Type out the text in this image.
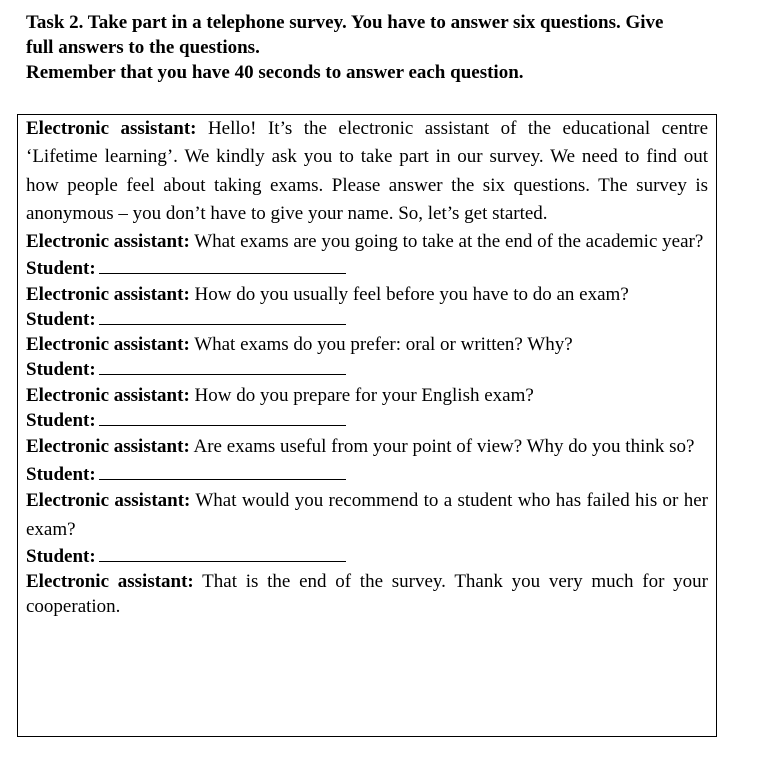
Task 2. Take part in a telephone survey. You have to answer six questions. Give
full answers to the questions.
Remember that you have 40 seconds to answer each question.

Electronic assistant: Hello! It’s the electronic assistant of the educational centre ‘Lifetime learning’. We kindly ask you to take part in our survey. We need to find out how people feel about taking exams. Please answer the six questions. The survey is anonymous – you don’t have to give your name. So, let’s get started.

Electronic assistant: What exams are you going to take at the end of the academic year?

Student:

Electronic assistant: How do you usually feel before you have to do an exam?

Student:

Electronic assistant: What exams do you prefer: oral or written? Why?

Student:

Electronic assistant: How do you prepare for your English exam?

Student:

Electronic assistant: Are exams useful from your point of view? Why do you think so?

Student:

Electronic assistant: What would you recommend to a student who has failed his or her exam?

Student:

Electronic assistant: That is the end of the survey. Thank you very much for your cooperation.
